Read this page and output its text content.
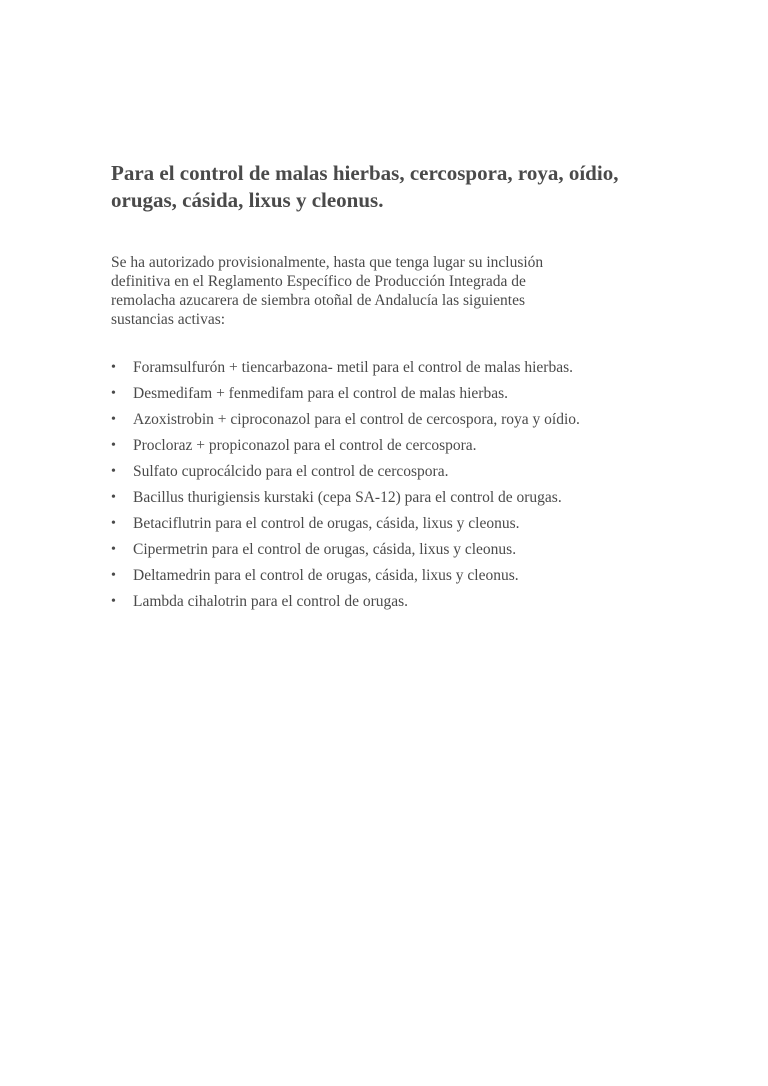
Para el control de malas hierbas, cercospora, roya, oídio,
orugas, cásida, lixus y cleonus.

Se ha autorizado provisionalmente, hasta que tenga lugar su inclusión
definitiva en el Reglamento Específico de Producción Integrada de
remolacha azucarera de siembra otoñal de Andalucía las siguientes
sustancias activas:

•	Foramsulfurón + tiencarbazona- metil para el control de malas hierbas.
•	Desmedifam + fenmedifam para el control de malas hierbas.
•	Azoxistrobin + ciproconazol para el control de cercospora, roya y oídio.
•	Procloraz + propiconazol para el control de cercospora.
•	Sulfato cuprocálcido para el control de cercospora.
•	Bacillus thurigiensis kurstaki (cepa SA-12) para el control de orugas.
•	Betaciflutrin para el control de orugas, cásida, lixus y cleonus.
•	Cipermetrin para el control de orugas, cásida, lixus y cleonus.
•	Deltamedrin para el control de orugas, cásida, lixus y cleonus.
•	Lambda cihalotrin para el control de orugas.
